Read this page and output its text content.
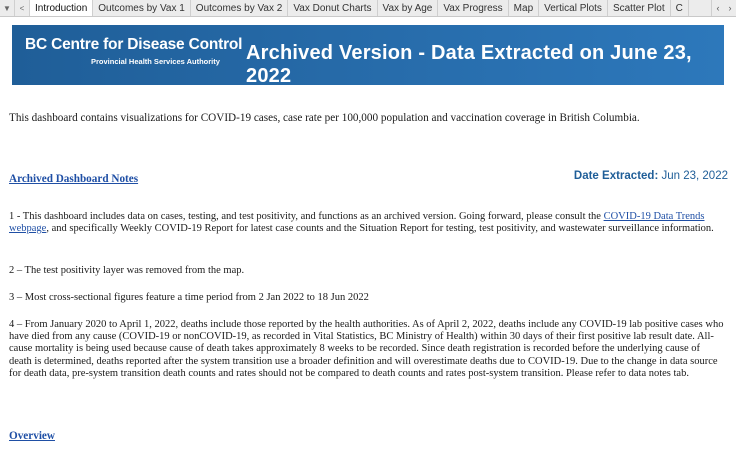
▼ <	Introduction	Outcomes by Vax 1	Outcomes by Vax 2	Vax Donut Charts	Vax by Age	Vax Progress	Map	Vertical Plots	Scatter Plot	C	‹ ›
BC Centre for Disease Control
Provincial Health Services Authority Archived Version - Data Extracted on June 23, 2022
This dashboard contains visualizations for COVID-19 cases, case rate per 100,000 population and vaccination coverage in British Columbia.
Archived Dashboard Notes	Date Extracted: Jun 23, 2022
1 - This dashboard includes data on cases, testing, and test positivity, and functions as an archived version. Going forward, please consult the COVID-19 Data Trends webpage, and specifically Weekly COVID-19 Report for latest case counts and the Situation Report for testing, test positivity, and wastewater surveillance information.
2 – The test positivity layer was removed from the map.
3 – Most cross-sectional figures feature a time period from 2 Jan 2022 to 18 Jun 2022
4 – From January 2020 to April 1, 2022, deaths include those reported by the health authorities. As of April 2, 2022, deaths include any COVID-19 lab positive cases who have died from any cause (COVID-19 or nonCOVID-19, as recorded in Vital Statistics, BC Ministry of Health) within 30 days of their first positive lab result date. All-cause mortality is being used because cause of death takes approximately 8 weeks to be recorded. Since death registration is recorded before the underlying cause of death is determined, deaths reported after the system transition use a broader definition and will overestimate deaths due to COVID-19. Due to the change in data source for death data, pre-system transition death counts and rates should not be compared to death counts and rates post-system transition. Please refer to data notes tab.
Overview
